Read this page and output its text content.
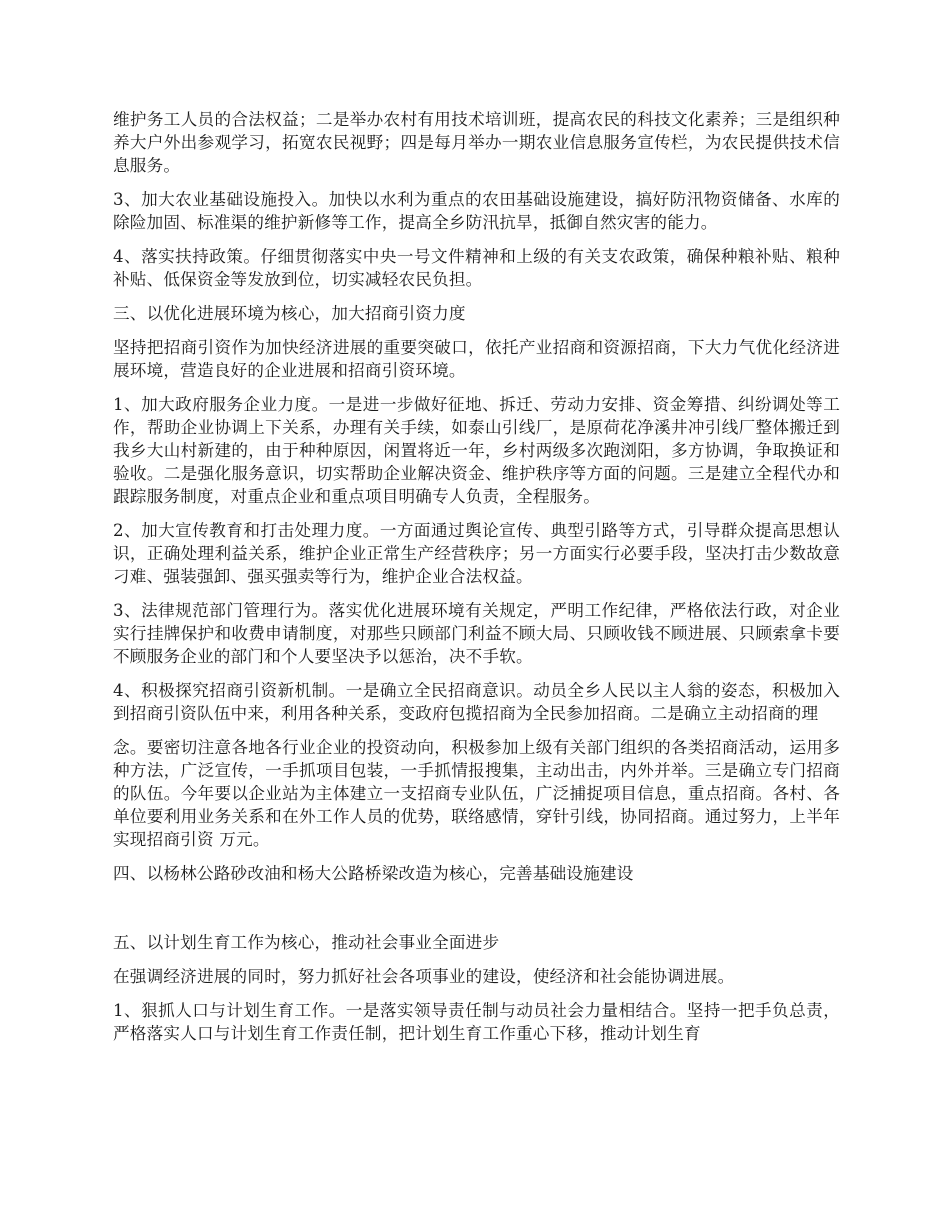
维护务工人员的合法权益；二是举办农村有用技术培训班，提高农民的科技文化素养；三是组织种养大户外出参观学习，拓宽农民视野；四是每月举办一期农业信息服务宣传栏，为农民提供技术信息服务。

3、加大农业基础设施投入。加快以水利为重点的农田基础设施建设，搞好防汛物资储备、水库的除险加固、标准渠的维护新修等工作，提高全乡防汛抗旱，抵御自然灾害的能力。

4、落实扶持政策。仔细贯彻落实中央一号文件精神和上级的有关支农政策，确保种粮补贴、粮种补贴、低保资金等发放到位，切实减轻农民负担。

三、以优化进展环境为核心，加大招商引资力度

坚持把招商引资作为加快经济进展的重要突破口，依托产业招商和资源招商，下大力气优化经济进展环境，营造良好的企业进展和招商引资环境。

1、加大政府服务企业力度。一是进一步做好征地、拆迁、劳动力安排、资金筹措、纠纷调处等工作，帮助企业协调上下关系，办理有关手续，如泰山引线厂，是原荷花净溪井冲引线厂整体搬迁到我乡大山村新建的，由于种种原因，闲置将近一年，乡村两级多次跑浏阳，多方协调，争取换证和验收。二是强化服务意识，切实帮助企业解决资金、维护秩序等方面的问题。三是建立全程代办和跟踪服务制度，对重点企业和重点项目明确专人负责，全程服务。

2、加大宣传教育和打击处理力度。一方面通过舆论宣传、典型引路等方式，引导群众提高思想认识，正确处理利益关系，维护企业正常生产经营秩序；另一方面实行必要手段，坚决打击少数故意刁难、强装强卸、强买强卖等行为，维护企业合法权益。

3、法律规范部门管理行为。落实优化进展环境有关规定，严明工作纪律，严格依法行政，对企业实行挂牌保护和收费申请制度，对那些只顾部门利益不顾大局、只顾收钱不顾进展、只顾索拿卡要不顾服务企业的部门和个人要坚决予以惩治，决不手软。

4、积极探究招商引资新机制。一是确立全民招商意识。动员全乡人民以主人翁的姿态，积极加入到招商引资队伍中来，利用各种关系，变政府包揽招商为全民参加招商。二是确立主动招商的理

念。要密切注意各地各行业企业的投资动向，积极参加上级有关部门组织的各类招商活动，运用多种方法，广泛宣传，一手抓项目包装，一手抓情报搜集，主动出击，内外并举。三是确立专门招商的队伍。今年要以企业站为主体建立一支招商专业队伍，广泛捕捉项目信息，重点招商。各村、各单位要利用业务关系和在外工作人员的优势，联络感情，穿针引线，协同招商。通过努力，上半年实现招商引资 万元。

四、以杨林公路砂改油和杨大公路桥梁改造为核心，完善基础设施建设

五、以计划生育工作为核心，推动社会事业全面进步

在强调经济进展的同时，努力抓好社会各项事业的建设，使经济和社会能协调进展。

1、狠抓人口与计划生育工作。一是落实领导责任制与动员社会力量相结合。坚持一把手负总责，严格落实人口与计划生育工作责任制，把计划生育工作重心下移，推动计划生育
